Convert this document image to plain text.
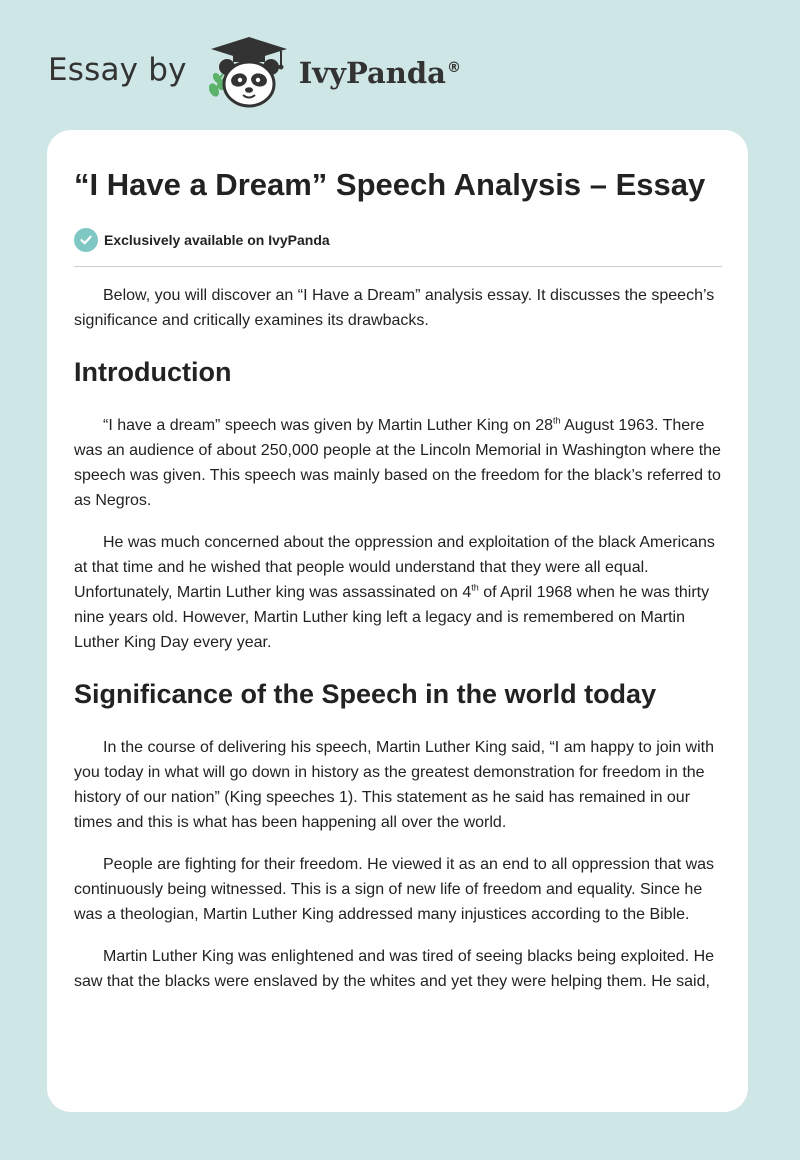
Essay by	IvyPanda®
“I Have a Dream” Speech Analysis – Essay
Exclusively available on IvyPanda

Below, you will discover an “I Have a Dream” analysis essay. It discusses the speech’s significance and critically examines its drawbacks.

Introduction

“I have a dream” speech was given by Martin Luther King on 28th August 1963. There was an audience of about 250,000 people at the Lincoln Memorial in Washington where the speech was given. This speech was mainly based on the freedom for the black’s referred to as Negros.

He was much concerned about the oppression and exploitation of the black Americans at that time and he wished that people would understand that they were all equal. Unfortunately, Martin Luther king was assassinated on 4th of April 1968 when he was thirty nine years old. However, Martin Luther king left a legacy and is remembered on Martin Luther King Day every year.

Significance of the Speech in the world today

In the course of delivering his speech, Martin Luther King said, “I am happy to join with you today in what will go down in history as the greatest demonstration for freedom in the history of our nation” (King speeches 1). This statement as he said has remained in our times and this is what has been happening all over the world.

People are fighting for their freedom. He viewed it as an end to all oppression that was continuously being witnessed. This is a sign of new life of freedom and equality. Since he was a theologian, Martin Luther King addressed many injustices according to the Bible.

Martin Luther King was enlightened and was tired of seeing blacks being exploited. He saw that the blacks were enslaved by the whites and yet they were helping them. He said,
